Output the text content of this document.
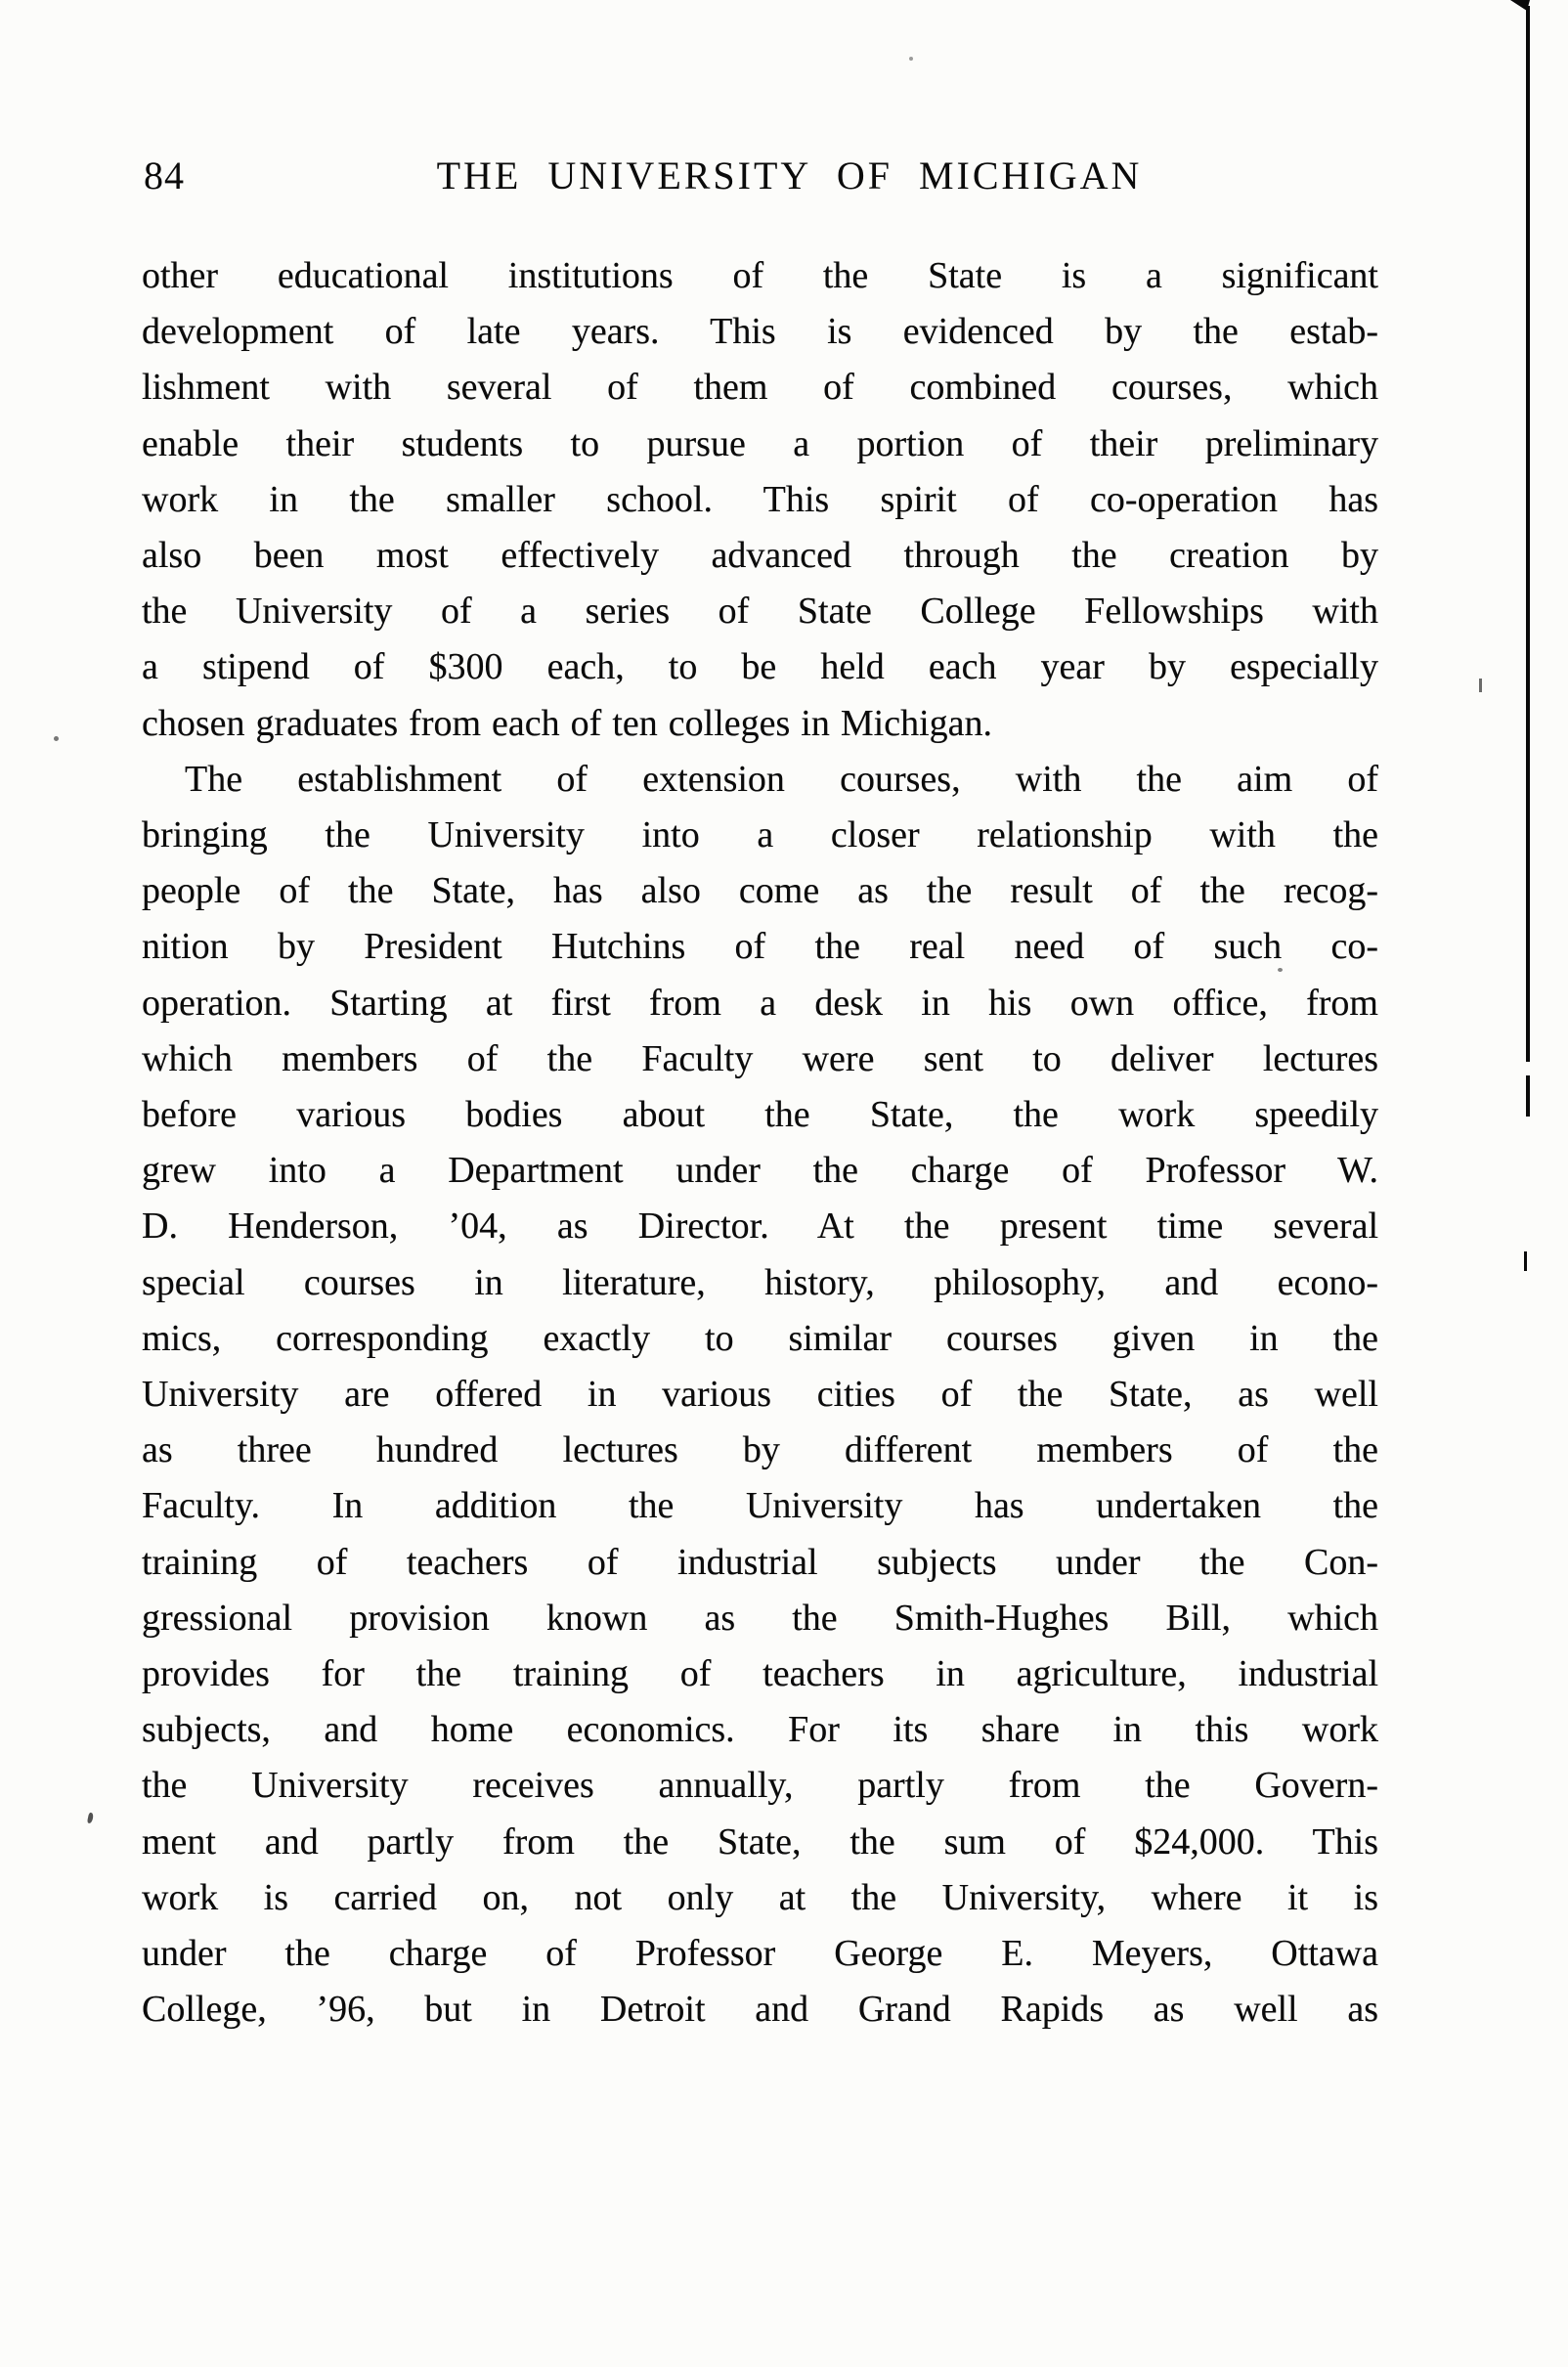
84	THE UNIVERSITY OF MICHIGAN
other educational institutions of the State is a significant
development of late years. This is evidenced by the estab-
lishment with several of them of combined courses, which
enable their students to pursue a portion of their preliminary
work in the smaller school. This spirit of co-operation has
also been most effectively advanced through the creation by
the University of a series of State College Fellowships with
a stipend of $300 each, to be held each year by especially
chosen graduates from each of ten colleges in Michigan.
The establishment of extension courses, with the aim of
bringing the University into a closer relationship with the
people of the State, has also come as the result of the recog-
nition by President Hutchins of the real need of such co-
operation. Starting at first from a desk in his own office, from
which members of the Faculty were sent to deliver lectures
before various bodies about the State, the work speedily
grew into a Department under the charge of Professor W.
D. Henderson, ’04, as Director. At the present time several
special courses in literature, history, philosophy, and econo-
mics, corresponding exactly to similar courses given in the
University are offered in various cities of the State, as well
as three hundred lectures by different members of the
Faculty. In addition the University has undertaken the
training of teachers of industrial subjects under the Con-
gressional provision known as the Smith-Hughes Bill, which
provides for the training of teachers in agriculture, industrial
subjects, and home economics. For its share in this work
the University receives annually, partly from the Govern-
ment and partly from the State, the sum of $24,000. This
work is carried on, not only at the University, where it is
under the charge of Professor George E. Meyers, Ottawa
College, ’96, but in Detroit and Grand Rapids as well as
